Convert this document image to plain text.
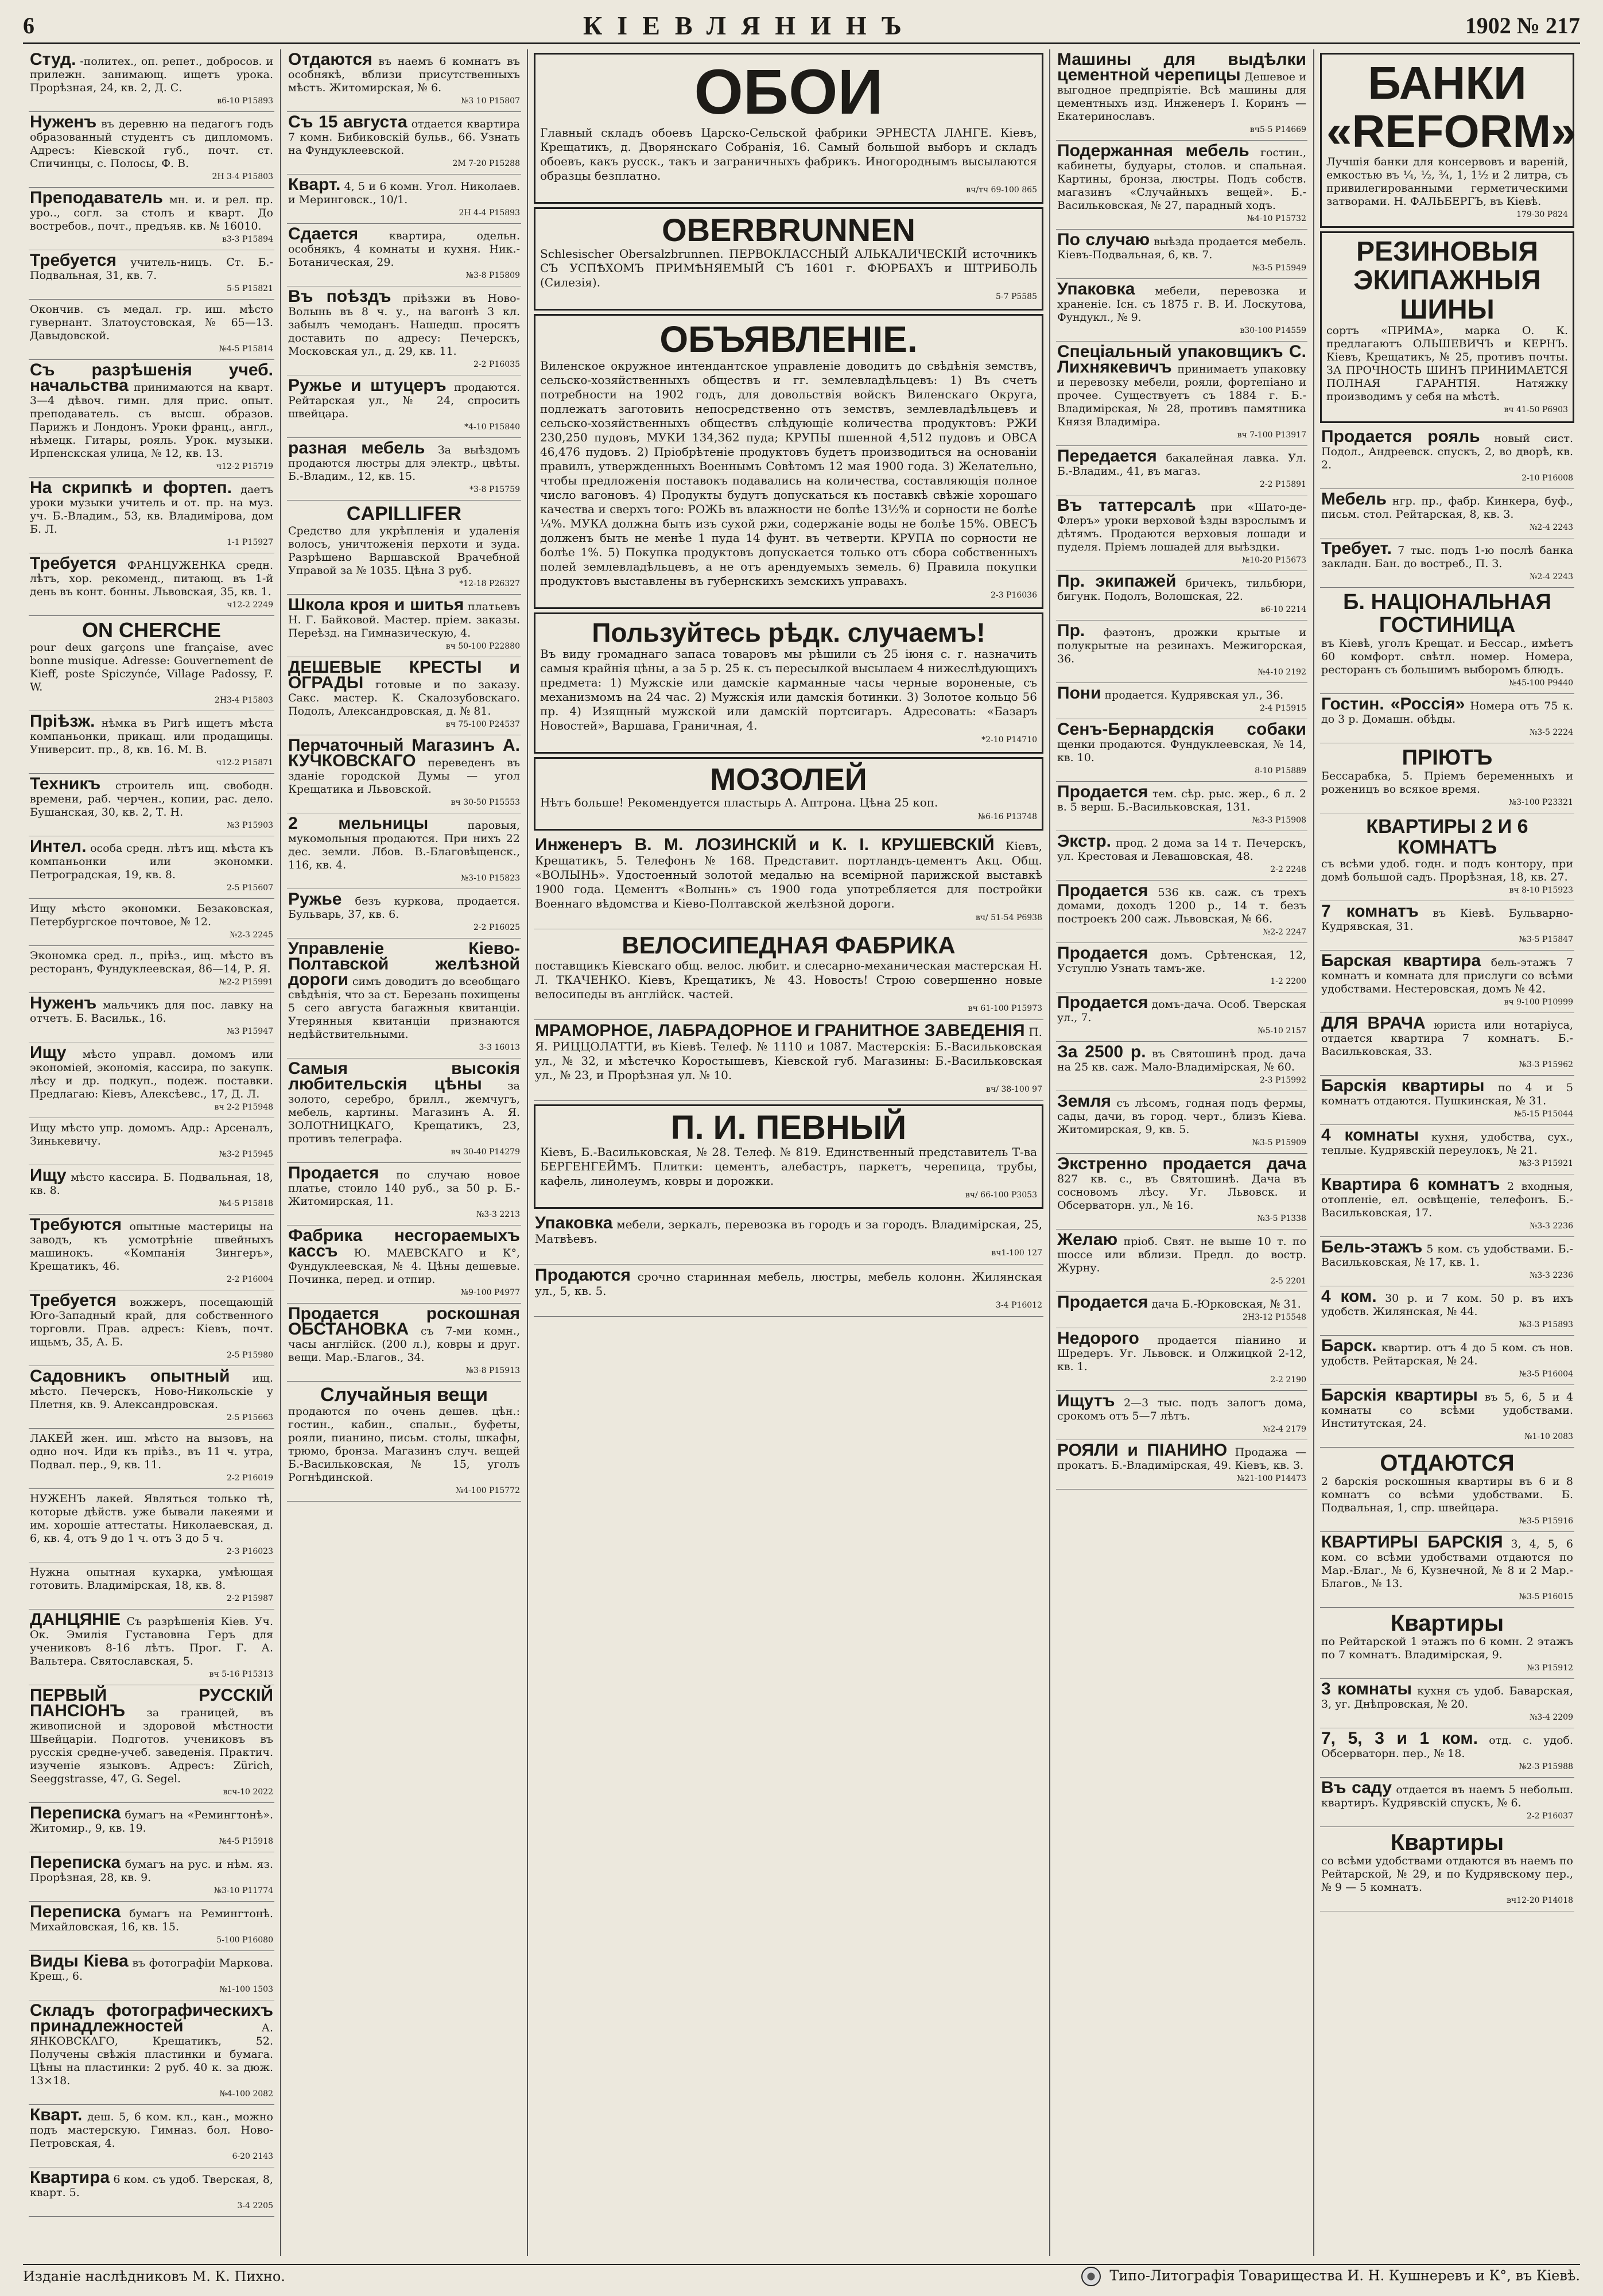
6	КІЕВЛЯНИНЪ	1902 № 217
Студ. -политех., оп. репет., добросов. и прилежн. занимающ. ищетъ урока. Прорѣзная, 24, кв. 2, Д. С.
в6-10 Р15893
Нуженъ въ деревню на педагогъ годъ образованный студентъ съ дипломомъ. Адресъ: Кіевской губ., почт. ст. Спичинцы, с. Полосы, Ф. В.
2Н 3-4 Р15803
Преподаватель мн. и. и рел. пр. уро.., согл. за столъ и кварт. До востребов., почт., предъяв. кв. № 16010.
в3-3 Р15894
Требуется учитель-ницъ. Ст. Б.-Подвальная, 31, кв. 7.
5-5 Р15821
Окончив. съ медал. гр. иш. мѣсто гувернант. Златоустовская, № 65—13. Давыдовской.
№4-5 Р15814
Съ разрѣшенія учеб. начальства принимаются на кварт. 3—4 дѣвоч. гимн. для прис. опыт. преподаватель. съ высш. образов. Парижъ и Лондонъ. Уроки франц., англ., нѣмецк. Гитары, рояль. Урок. музыки. Ирпенскская улица, № 12, кв. 13.
ч12-2 Р15719
На скрипкѣ и фортеп. даетъ уроки музыки учитель и от. пр. на муз. уч. Б.-Владим., 53, кв. Владимірова, дом Б. Л.
1-1 Р15927
Требуется ФРАНЦУЖЕНКА средн. лѣтъ, хор. рекоменд., питающ. въ 1-й день въ конт. бонны. Львовская, 35, кв. 1.
ч12-2 2249
ON CHERCHE
pour deux garçons une française, avec bonne musique. Adresse: Gouvernement de Kieff, poste Spiczynće, Village Padossy, F. W.
2Н3-4 Р15803
Пріѣзж. нѣмка въ Ригѣ ищетъ мѣста компаньонки, прикащ. или продащицы. Университ. пр., 8, кв. 16. М. В.
ч12-2 Р15871
Техникъ строитель ищ. свободн. времени, раб. черчен., копии, рас. дело. Бушанская, 30, кв. 2, Т. Н.
№3 Р15903
Интел. особа средн. лѣтъ ищ. мѣста къ компаньонки или экономки. Петроградская, 19, кв. 8.
2-5 Р15607
Ищу мѣсто экономки. Безаковская, Петербургское почтовое, № 12.
№2-3 2245
Экономка сред. л., пріѣз., ищ. мѣсто въ ресторанъ, Фундуклеевская, 86—14, Р. Я.
№2-2 Р15991
Нуженъ мальчикъ для пос. лавку на отчетъ. Б. Васильк., 16.
№3 Р15947
Ищу мѣсто управл. домомъ или экономіей, экономія, кассира, по закупк. лѣсу и др. подкуп., подеж. поставки. Предлагаю: Кіевъ, Алексѣевс., 17, Д. Л.
вч 2-2 Р15948
Ищу мѣсто упр. домомъ. Адр.: Арсеналъ, Зинькевичу.
№3-2 Р15945
Ищу мѣсто кассира. Б. Подвальная, 18, кв. 8.
№4-5 Р15818
Требуются опытные мастерицы на заводъ, къ усмотрѣніе швейныхъ машинокъ. «Компанія Зингеръ», Крещатикъ, 46.
2-2 Р16004
Требуется вожжеръ, посещающій Юго-Западный край, для собственного торговли. Прав. адресъ: Кіевъ, почт. ищьмъ, 35, А. Б.
2-5 Р15980
Садовникъ опытный ищ. мѣсто. Печерскъ, Ново-Никольскіе у Плетня, кв. 9. Александровская.
2-5 Р15663
ЛАКЕЙ жен. иш. мѣсто на вызовъ, на одно ноч. Иди къ пріѣз., въ 11 ч. утра, Подвал. пер., 9, кв. 11.
2-2 Р16019
НУЖЕНЪ лакей. Являться только тѣ, которые дѣйств. уже бывали лакеями и им. хорошіе аттестаты. Николаевская, д. 6, кв. 4, отъ 9 до 1 ч. отъ 3 до 5 ч.
2-3 Р16023
Нужна опытная кухарка, умѣющая готовить. Владимірская, 18, кв. 8.
2-2 Р15987
ДАНЦЯНІЕ Съ разрѣшенія Кіев. Уч. Ок. Эмилія Густавовна Геръ для учениковъ 8-16 лѣтъ. Прог. Г. А. Вальтера. Святославская, 5.
вч 5-16 Р15313
ПЕРВЫЙ РУССКІЙ ПАНСІОНЪ за границей, въ живописной и здоровой мѣстности Швейцаріи. Подготов. учениковъ въ русскія средне-учеб. заведенія. Практич. изученіе языковъ. Адресъ: Zürich, Seeggstrasse, 47, G. Segel.
всч-10 2022
Переписка бумагъ на «Ремингтонѣ». Житомир., 9, кв. 19.
№4-5 Р15918
Переписка бумагъ на рус. и нѣм. яз. Прорѣзная, 28, кв. 9.
№3-10 Р11774
Переписка бумагъ на Ремингтонѣ. Михайловская, 16, кв. 15.
5-100 Р16080
Виды Кіева въ фотографіи Маркова. Крещ., 6.
№1-100 1503
Складъ фотографическихъ принадлежностей	А. ЯНКОВСКАГО, Крещатикъ, 52. Получены свѣжія пластинки и бумага. Цѣны на пластинки: 2 руб. 40 к. за дюж. 13×18.
№4-100 2082
Кварт. деш. 5, 6 ком. кл., кан., можно подъ мастерскую. Гимназ. бол. Ново-Петровская, 4.
6-20 2143
Квартира 6 ком. съ удоб. Тверская, 8, кварт. 5.
3-4 2205
Отдаются въ наемъ 6 комнатъ въ особнякѣ, вблизи присутственныхъ мѣстъ. Житомирская, № 6.
№3 10 Р15807
Съ 15 августа отдается квартира 7 комн. Бибиковскій бульв., 66. Узнать на Фундуклеевской.
2М 7-20 Р15288
Кварт. 4, 5 и 6 комн. Угол. Николаев. и Меринговск., 10/1.
2Н 4-4 Р15893
Сдается	квартира, одельн. особнякъ, 4 комнаты и кухня. Ник.-Ботаническая, 29.
№3-8 Р15809
Въ поѣздъ пріѣзжи въ Ново-Волынь въ 8 ч. у., на вагонѣ 3 кл. забылъ чемоданъ. Нашедш. просятъ доставить по адресу: Печерскъ, Московская ул., д. 29, кв. 11.
2-2 Р16035
Ружье и штуцеръ продаются. Рейтарская ул., № 24, спросить швейцара.
*4-10 Р15840
разная мебель За выѣздомъ продаются люстры для электр., цвѣты. Б.-Владим., 12, кв. 15.
*3-8 Р15759
CAPILLIFER
Средство для укрѣпленія и удаленія волосъ, уничтоженія перхоти и зуда. Разрѣшено Варшавской Врачебной Управой за № 1035. Цѣна 3 руб.
*12-18 Р26327
Школа кроя и шитья платьевъ Н. Г. Байковой. Мастер. пріем. заказы. Переѣзд. на Гимназическую, 4.
вч 50-100 Р22880
ДЕШЕВЫЕ КРЕСТЫ и ОГРАДЫ готовые и по заказу. Сакс. мастер. К. Скалозубовскаго. Подолъ, Александровская, д. № 81.
вч 75-100 Р24537
Перчаточный Магазинъ А. КУЧКОВСКАГО переведенъ въ зданіе городской Думы — угол Крещатика и Львовской.
вч 30-50 Р15553
2 мельницы	паровыя, мукомольныя продаются. При нихъ 22 дес. земли. Лбов. В.-Благовѣщенск., 116, кв. 4.
№3-10 Р15823
Ружье безъ куркова, продается. Бульварь, 37, кв. 6.
2-2 Р16025
Управленіе Кіево-Полтавской желѣзной дороги симъ доводитъ до всеобщаго свѣдѣнія, что за ст. Березань похищены 5 сего августа багажныя квитанціи. Утерянныя квитанціи признаются недѣйствительными.
3-3 16013
Самыя высокія любительскія цѣны за золото, серебро, брилл., жемчугъ, мебель, картины. Магазинъ А. Я. ЗОЛОТНИЦКАГО, Крещатикъ, 23, противъ телеграфа.
вч 30-40 Р14279
Продается по случаю новое платье, стоило 140 руб., за 50 р. Б.-Житомирская, 11.
№3-3 2213
Фабрика несгораемыхъ кассъ Ю. МАЕВСКАГО и К°, Фундуклеевская, № 4. Цѣны дешевые. Починка, перед. и отпир.
№9-100 Р4977
Продается роскошная ОБСТАНОВКА съ 7-ми комн., часы англійск. (200 л.), ковры и друг. вещи. Мар.-Благов., 34.
№3-8 Р15913
Случайныя вещи
продаются по очень дешев. цѣн.: гостин., кабин., спальн., буфеты, рояли, пианино, письм. столы, шкафы, трюмо, бронза. Магазинъ случ. вещей Б.-Васильковская, № 15, уголъ Рогнѣдинской.
№4-100 Р15772
ОБОИ
Главный складъ обоевъ Царско-Сельской фабрики ЭРНЕСТА ЛАНГЕ. Кіевъ, Крещатикъ, д. Дворянскаго Собранія, 16. Самый большой выборъ и складъ обоевъ, какъ русск., такъ и заграничныхъ фабрикъ. Иногороднымъ высылаются образцы безплатно.
вч/тч 69-100 865
OBERBRUNNEN
Schlesischer Obersalzbrunnen. ПЕРВОКЛАССНЫЙ АЛЬКАЛИЧЕСКІЙ источникъ СЪ УСПѢХОМЪ ПРИМѢНЯЕМЫЙ СЪ 1601 г. ФЮРБАХЪ и ШТРИБОЛЬ (Силезія).
5-7 Р5585
ОБЪЯВЛЕНІЕ.
Виленское окружное интендантское управленіе доводитъ до свѣдѣнія земствъ, сельско-хозяйственныхъ обществъ и гг. землевладѣльцевъ: 1) Въ счетъ потребности на 1902 годъ, для довольствія войскъ Виленскаго Округа, подлежатъ заготовить непосредственно отъ земствъ, землевладѣльцевъ и сельско-хозяйственныхъ обществъ слѣдующіе количества продуктовъ: РЖИ 230,250 пудовъ, МУКИ 134,362 пуда; КРУПЫ пшенной 4,512 пудовъ и ОВСА 46,476 пудовъ. 2) Пріобрѣтеніе продуктовъ будетъ производиться на основаніи правилъ, утвержденныхъ Военнымъ Совѣтомъ 12 мая 1900 года. 3) Желательно, чтобы предложенія поставокъ подавались на количества, составляющія полное число вагоновъ. 4) Продукты будутъ допускаться къ поставкѣ свѣжіе хорошаго качества и сверхъ того: РОЖЬ въ влажности не болѣе 13½% и сорности не болѣе ¼%. МУКА должна быть изъ сухой ржи, содержаніе воды не болѣе 15%. ОВЕСЪ долженъ быть не менѣе 1 пуда 14 фунт. въ четверти. КРУПА по сорности не болѣе 1%. 5) Покупка продуктовъ допускается только отъ сбора собственныхъ полей землевладѣльцевъ, а не отъ арендуемыхъ земель. 6) Правила покупки продуктовъ выставлены въ губернскихъ земскихъ управахъ.
2-3 Р16036
Пользуйтесь рѣдк. случаемъ!
Въ виду громаднаго запаса товаровъ мы рѣшили съ 25 іюня с. г. назначить самыя крайнія цѣны, а за 5 р. 25 к. съ пересылкой высылаем 4 нижеслѣдующихъ предмета: 1) Мужскіе или дамскіе карманные часы черные вороненые, съ механизмомъ на 24 час. 2) Мужскія или дамскія ботинки. 3) Золотое кольцо 56 пр. 4) Изящный мужской или дамскій портсигаръ. Адресовать: «Базаръ Новостей», Варшава, Граничная, 4.
*2-10 Р14710
МОЗОЛЕЙ
Нѣтъ больше! Рекомендуется пластырь А. Аптрона. Цѣна 25 коп.
№6-16 Р13748
Инженеръ В. М. ЛОЗИНСКІЙ и К. І. КРУШЕВСКІЙ Кіевъ, Крещатикъ, 5. Телефонъ № 168. Представит. портландъ-цементъ Акц. Общ. «ВОЛЫНЬ». Удостоенный золотой медалью на всемірной парижской выставкѣ 1900 года. Цементъ «Волынь» съ 1900 года употребляется для постройки Военнаго вѣдомства и Кіево-Полтавской желѣзной дороги.
вч/ 51-54 Р6938
ВЕЛОСИПЕДНАЯ ФАБРИКА
поставщикъ Кіевскаго общ. велос. любит. и слесарно-механическая мастерская Н. Л. ТКАЧЕНКО. Кіевъ, Крещатикъ, № 43. Новость! Строю совершенно новые велосипеды въ англійск. частей.
вч 61-100 Р15973
МРАМОРНОЕ, ЛАБРАДОРНОЕ И ГРАНИТНОЕ ЗАВЕДЕНІЯ П. Я. РИЦЦОЛАТТИ, въ Кіевѣ. Телеф. № 1110 и 1087. Мастерскія: Б.-Васильковская ул., № 32, и мѣстечко Коростышевъ, Кіевской губ. Магазины: Б.-Васильковская ул., № 23, и Прорѣзная ул. № 10.
вч/ 38-100 97
П. И. ПЕВНЫЙ
Кіевъ, Б.-Васильковская, № 28. Телеф. № 819. Единственный представитель Т-ва БЕРГЕНГЕЙМЪ. Плитки: цементъ, алебастръ, паркетъ, черепица, трубы, кафель, линолеумъ, ковры и дорожки.
вч/ 66-100 Р3053
Упаковка мебели, зеркалъ, перевозка въ городъ и за городъ. Владимірская, 25, Матвѣевъ.
вч1-100 127
Продаются срочно старинная мебель, люстры, мебель колонн. Жилянская ул., 5, кв. 5.
3-4 Р16012
Машины для выдѣлки цементной черепицы Дешевое и выгодное предпріятіе. Всѣ машины для цементныхъ изд. Инженеръ І. Коринъ — Екатеринославъ.
вч5-5 Р14669
Подержанная мебель гостин., кабинеты, будуары, столов. и спальная. Картины, бронза, люстры. Подъ собств. магазинъ «Случайныхъ вещей». Б.-Васильковская, № 27, парадный ходъ.
№4-10 Р15732
По случаю выѣзда продается мебель. Кіевъ-Подвальная, 6, кв. 7.
№3-5 Р15949
Упаковка мебели, перевозка и храненіе. Існ. съ 1875 г. В. И. Лоскутова, Фундукл., № 9.
в30-100 Р14559
Спеціальный упаковщикъ С. Лихнякевичъ принимаетъ упаковку и перевозку мебели, рояли, фортепіано и прочее. Существуетъ съ 1884 г. Б.-Владимірская, № 28, противъ памятника Князя Владиміра.
вч 7-100 Р13917
Передается бакалейная лавка. Ул. Б.-Владим., 41, въ магаз.
2-2 Р15891
Въ таттерсалѣ при «Шато-де-Флеръ» уроки верховой ѣзды взрослымъ и дѣтямъ. Продаются верховыя лошади и пуделя. Пріемъ лошадей для выѣздки.
№10-20 Р15673
Пр. экипажей бричекъ, тильбюри, бигунк. Подолъ, Волошская, 22.
в6-10 2214
Пр. фаэтонъ, дрожки крытые и полукрытые на резинахъ. Межигорская, 36.
№4-10 2192
Пони продается. Кудрявская ул., 36.
2-4 Р15915
Сенъ-Бернардскія собаки щенки продаются. Фундуклеевская, № 14, кв. 10.
8-10 Р15889
Продается тем. сѣр. рыс. жер., 6 л. 2 в. 5 верш. Б.-Васильковская, 131.
№3-3 Р15908
Экстр. прод. 2 дома за 14 т. Печерскъ, ул. Крестовая и Левашовская, 48.
2-2 2248
Продается 536 кв. саж. съ трехъ домами, доходъ 1200 р., 14 т. безъ построекъ 200 саж. Львовская, № 66.
№2-2 2247
Продается домъ. Срѣтенская, 12, Уступлю Узнать тамъ-же.
1-2 2200
Продается домъ-дача. Особ. Тверская ул., 7.
№5-10 2157
За 2500 р. въ Святошинѣ прод. дача на 25 кв. саж. Мало-Владимірская, № 60.
2-3 Р15992
Земля съ лѣсомъ, годная подъ фермы, сады, дачи, въ город. черт., близъ Кіева. Житомирская, 9, кв. 5.
№3-5 Р15909
Экстренно продается дача 827 кв. с., въ Святошинѣ. Дача въ сосновомъ лѣсу. Уг. Львовск. и Обсерваторн. ул., № 16.
№3-5 Р1338
Желаю пріоб. Свят. не выше 10 т. по шоссе или вблизи. Предл. до востр. Журну.
2-5 2201
Продается дача Б.-Юрковская, № 31.
2Н3-12 Р15548
Недорого продается піанино и Шредеръ. Уг. Львовск. и Олжицкой 2-12, кв. 1.
2-2 2190
Ищутъ 2—3 тыс. подъ залогъ дома, срокомъ отъ 5—7 лѣтъ.
№2-4 2179
РОЯЛИ и ПІАНИНО Продажа — прокатъ. Б.-Владимірская, 49. Кіевъ, кв. 3.
№21-100 Р14473
БАНКИ «REFORM»
Лучшія банки для консервовъ и вареній, емкостью въ ¼, ½, ¾, 1, 1½ и 2 литра, съ привилегированными герметическими затворами. Н. ФАЛЬБЕРГЪ, въ Кіевѣ.
179-30 Р824
РЕЗИНОВЫЯ ЭКИПАЖНЫЯ ШИНЫ
сортъ «ПРИМА», марка О. К. предлагаютъ ОЛЬШЕВИЧЪ и КЕРНЪ. Кіевъ, Крещатикъ, № 25, противъ почты. ЗА ПРОЧНОСТЬ ШИНЪ ПРИНИМАЕТСЯ ПОЛНАЯ ГАРАНТІЯ. Натяжку производимъ у себя на мѣстѣ.
вч 41-50 Р6903
Продается рояль новый сист. Подол., Андреевск. спускъ, 2, во дворѣ, кв. 2.
2-10 Р16008
Мебель нгр. пр., фабр. Кинкера, буф., письм. стол. Рейтарская, 8, кв. 3.
№2-4 2243
Требует. 7 тыс. подъ 1-ю послѣ банка закладн. Бан. до востреб., П. З.
№2-4 2243
Б. НАЦІОНАЛЬНАЯ ГОСТИНИЦА
въ Кіевѣ, уголъ Крещат. и Бессар., имѣетъ 60 комфорт. свѣтл. номер. Номера, ресторанъ съ большимъ выборомъ блюдъ.
№45-100 Р9440
Гостин. «Россія» Номера отъ 75 к. до 3 р. Домашн. обѣды.
№3-5 2224
ПРІЮТЪ
Бессарабка, 5. Пріемъ беременныхъ и роженицъ во всякое время.
№3-100 Р23321
КВАРТИРЫ 2 И 6 КОМНАТЪ
съ всѣми удоб. годн. и подъ контору, при домѣ большой садъ. Прорѣзная, 18, кв. 27.
вч 8-10 Р15923
7 комнатъ въ Кіевѣ. Бульварно-Кудрявская, 31.
№3-5 Р15847
Барская квартира бель-этажъ 7 комнатъ и комната для прислуги со всѣми удобствами. Нестеровская, домъ № 42.
вч 9-100 Р10999
ДЛЯ ВРАЧА юриста или нотаріуса, отдается квартира 7 комнатъ. Б.-Васильковская, 33.
№3-3 Р15962
Барскія квартиры по 4 и 5 комнатъ отдаются. Пушкинская, № 31.
№5-15 Р15044
4 комнаты кухня, удобства, сух., теплые. Кудрявскій переулокъ, № 21.
№3-3 Р15921
Квартира 6 комнатъ 2 входныя, отопленіе, ел. освѣщеніе, телефонъ. Б.-Васильковская, 17.
№3-3 2236
Бель-этажъ 5 ком. съ удобствами. Б.-Васильковская, № 17, кв. 1.
№3-3 2236
4 ком. 30 р. и 7 ком. 50 р. въ ихъ удобств. Жилянская, № 44.
№3-3 Р15893
Барск. квартир. отъ 4 до 5 ком. съ нов. удобств. Рейтарская, № 24.
№3-5 Р16004
Барскія квартиры въ 5, 6, 5 и 4 комнаты со всѣми удобствами. Институтская, 24.
№1-10 2083
ОТДАЮТСЯ
2 барскія роскошныя квартиры въ 6 и 8 комнатъ со всѣми удобствами. Б. Подвальная, 1, спр. швейцара.
№3-5 Р15916
КВАРТИРЫ БАРСКІЯ 3, 4, 5, 6 ком. со всѣми удобствами отдаются по Мар.-Благ., № 6, Кузнечной, № 8 и 2 Мар.-Благов., № 13.
№3-5 Р16015
Квартиры
по Рейтарской 1 этажъ по 6 комн. 2 этажъ по 7 комнатъ. Владимірская, 9.
№3 Р15912
3 комнаты кухня съ удоб. Баварская, 3, уг. Днѣпровская, № 20.
№3-4 2209
7, 5, 3 и 1 ком. отд. с. удоб. Обсерваторн. пер., № 18.
№2-3 Р15988
Въ саду отдается въ наемъ 5 небольш. квартиръ. Кудрявскій спускъ, № 6.
2-2 Р16037
Квартиры
со всѣми удобствами отдаются въ наемъ по Рейтарской, № 29, и по Кудрявскому пер., № 9 — 5 комнатъ.
вч12-20 Р14018
Изданіе наслѣдниковъ М. К. Пихно.	Типо-Литографія Товарищества И. Н. Кушнеревъ и К°, въ Кіевѣ.
